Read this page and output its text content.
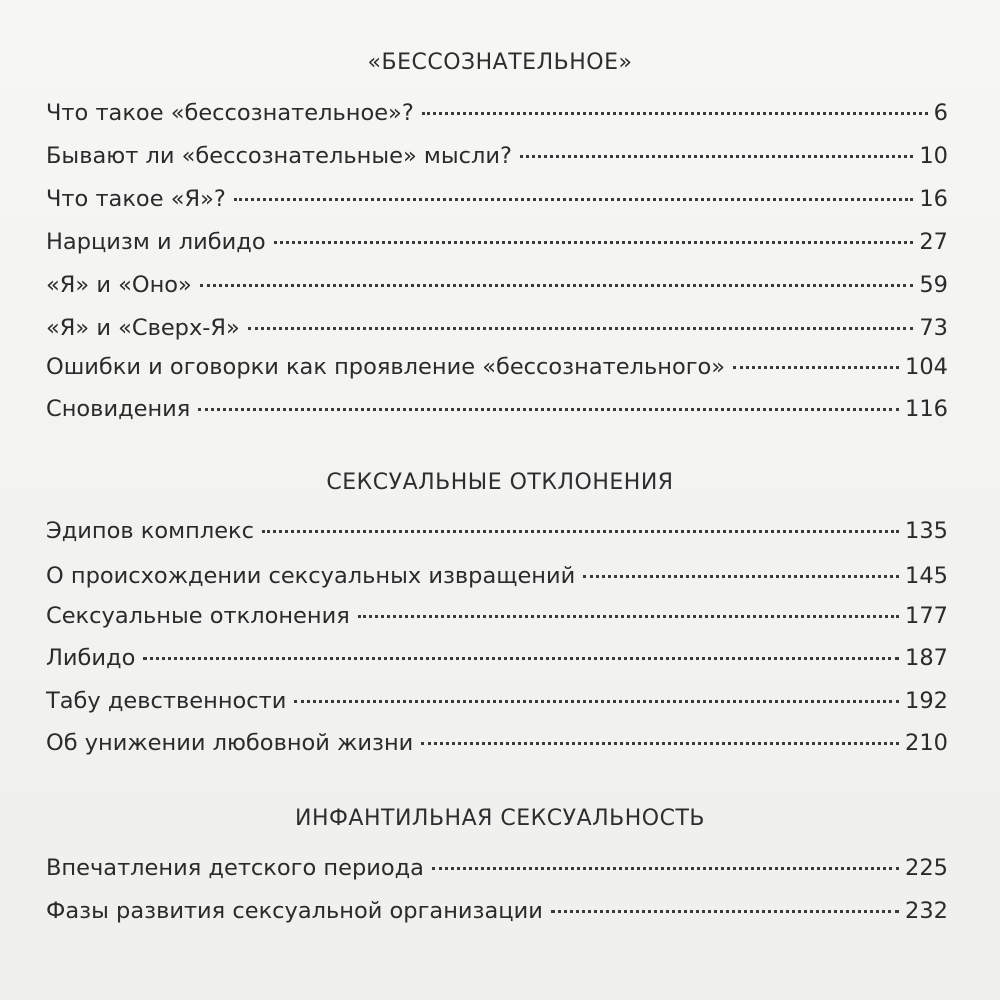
«БЕССОЗНАТЕЛЬНОЕ»
Что такое «бессознательное»?	6
Бывают ли «бессознательные» мысли?	10
Что такое «Я»?	16
Нарцизм и либидо	27
«Я» и «Оно»	59
«Я» и «Сверх-Я»	73
Ошибки и оговорки как проявление «бессознательного»	104
Сновидения	116
СЕКСУАЛЬНЫЕ ОТКЛОНЕНИЯ
Эдипов комплекс	135
О происхождении сексуальных извращений	145
Сексуальные отклонения	177
Либидо	187
Табу девственности	192
Об унижении любовной жизни	210
ИНФАНТИЛЬНАЯ СЕКСУАЛЬНОСТЬ
Впечатления детского периода	225
Фазы развития сексуальной организации	232
